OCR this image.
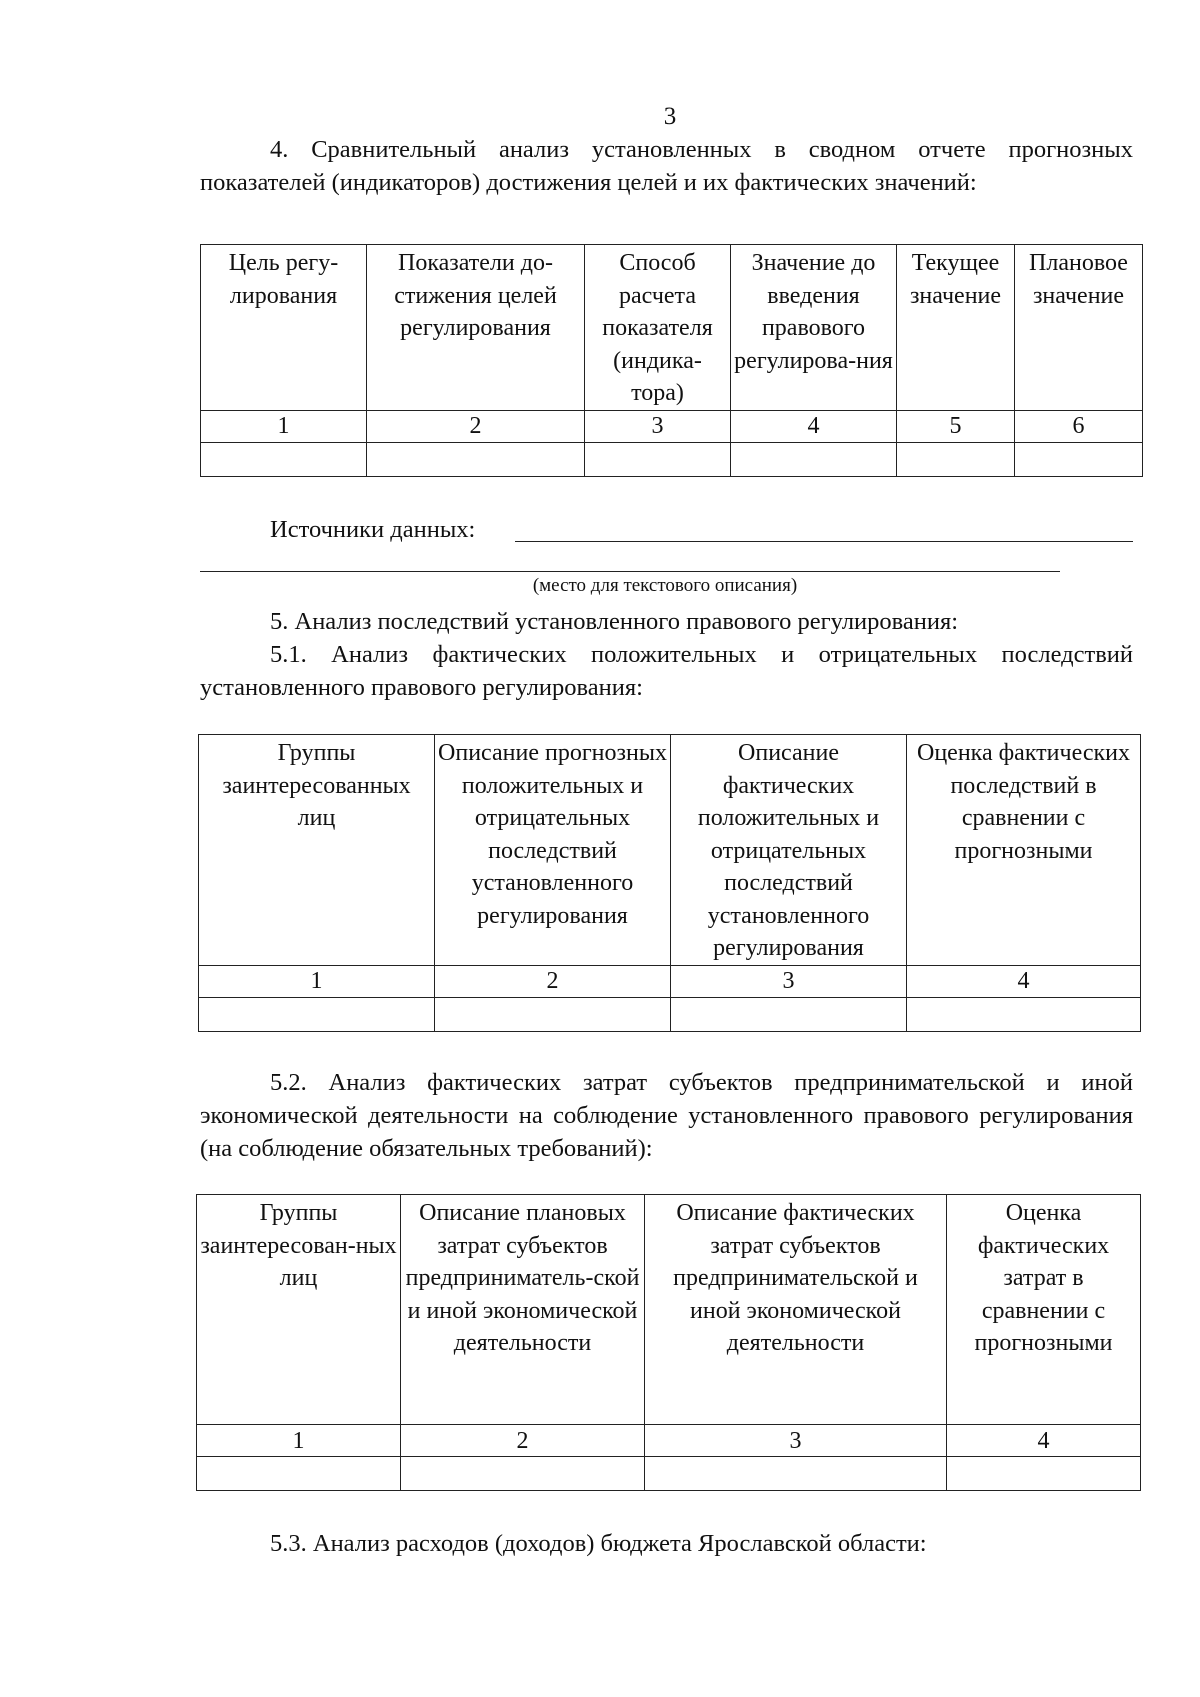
3
4. Сравнительный анализ установленных в сводном отчете прогнозных показателей (индикаторов) достижения целей и их фактических значений:
Цель регу-лирования	Показатели до-стижения целей регулирования	Способ расчета показателя (индика-тора)	Значение до введения правового регулирова-ния	Текущее значение	Плановое значение
1	2	3	4	5	6

Источники данных:
(место для текстового описания)
5. Анализ последствий установленного правового регулирования:
5.1. Анализ фактических положительных и отрицательных последствий установленного правового регулирования:
Группы заинтересованных лиц	Описание прогнозных положительных и отрицательных последствий установленного регулирования	Описание фактических положительных и отрицательных последствий установленного регулирования	Оценка фактических последствий в сравнении с прогнозными
1	2	3	4

5.2. Анализ фактических затрат субъектов предпринимательской и иной экономической деятельности на соблюдение установленного правового регулирования (на соблюдение обязательных требований):
Группы заинтересован-ных лиц	Описание плановых затрат субъектов предприниматель-ской и иной экономической деятельности	Описание фактических затрат субъектов предпринимательской и иной экономической деятельности	Оценка фактических затрат в сравнении с прогнозными
1	2	3	4

5.3. Анализ расходов (доходов) бюджета Ярославской области:
